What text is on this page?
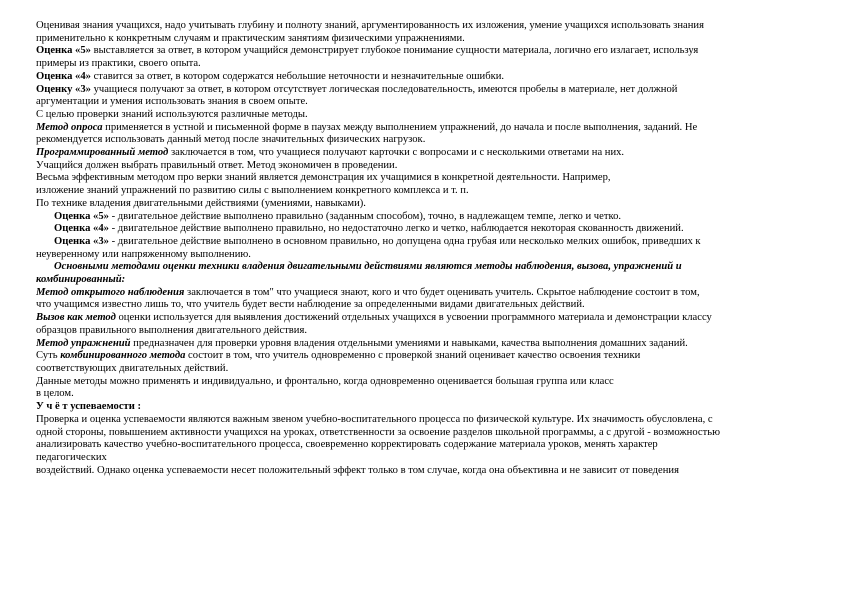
Оценивая знания учащихся, надо учитывать глубину и полноту знаний, аргументированность их изложения, умение учащихся использовать знания
применительно к конкретным случаям и практическим занятиям физическими упражнениями.
Оценка «5» выставляется за ответ, в котором учащийся демонстрирует глубокое понимание сущности материала, логично его излагает, используя
примеры из практики, своего опыта.
Оценка «4» ставится за ответ, в котором содержатся небольшие неточности и незначительные ошибки.
Оценку «3» учащиеся получают за ответ, в котором отсутствует логическая последовательность, имеются пробелы в материале, нет должной
аргументации и умения использовать знания в своем опыте.
С целью проверки знаний используются различные методы.
Метод опроса применяется в устной и письменной форме в паузах между выполнением упражнений, до начала и после выполнения, заданий. Не
рекомендуется использовать данный метод после значительных физических нагрузок.
Программированный метод заключается в том, что учащиеся получают карточки с вопросами и с несколькими ответами на них.
Учащийся должен выбрать правильный ответ. Метод экономичен в проведении.
Весьма эффективным методом про верки знаний является демонстрация их учащимися в конкретной деятельности. Например,
изложение знаний упражнений по развитию силы с выполнением конкретного комплекса и т. п.
По технике владения двигательными действиями (умениями, навыками).
Оценка «5» - двигательное действие выполнено правильно (заданным способом), точно, в надлежащем темпе, легко и четко.
Оценка «4» - двигательное действие выполнено правильно, но недостаточно легко и четко, наблюдается некоторая скованность движений.
Оценка «3» - двигательное действие выполнено в основном правильно, но допущена одна грубая или несколько мелких ошибок, приведших к
неуверенному или напряженному выполнению.
Основными методами оценки техники владения двигательными действиями являются методы наблюдения, вызова, упражнений и
комбинированный:
Метод открытого наблюдения заключается в том" что учащиеся знают, кого и что будет оценивать учитель. Скрытое наблюдение состоит в том,
что учащимся известно лишь то, что учитель будет вести наблюдение за определенными видами двигательных действий.
Вызов как метод оценки используется для выявления достижений отдельных учащихся в усвоении программного материала и демонстрации классу
образцов правильного выполнения двигательного действия.
Метод упражнений предназначен для проверки уровня владения отдельными умениями и навыками, качества выполнения домашних заданий.
Суть комбинированного метода состоит в том, что учитель одновременно с проверкой знаний оценивает качество освоения техники
соответствующих двигательных действий.
Данные методы можно применять и индивидуально, и фронтально, когда одновременно оценивается большая группа или класс
в целом.
У ч ё т успеваемости :
Проверка и оценка успеваемости являются важным звеном учебно-воспитательного процесса по физической культуре. Их значимость обусловлена, с
одной стороны, повышением активности учащихся на уроках, ответственности за освоение разделов школьной программы, а с другой - возможностью
анализировать качество учебно-воспитательного процесса, своевременно корректировать содержание материала уроков, менять характер
педагогических
воздействий. Однако оценка успеваемости несет положительный эффект только в том случае, когда она объективна и не зависит от поведения
